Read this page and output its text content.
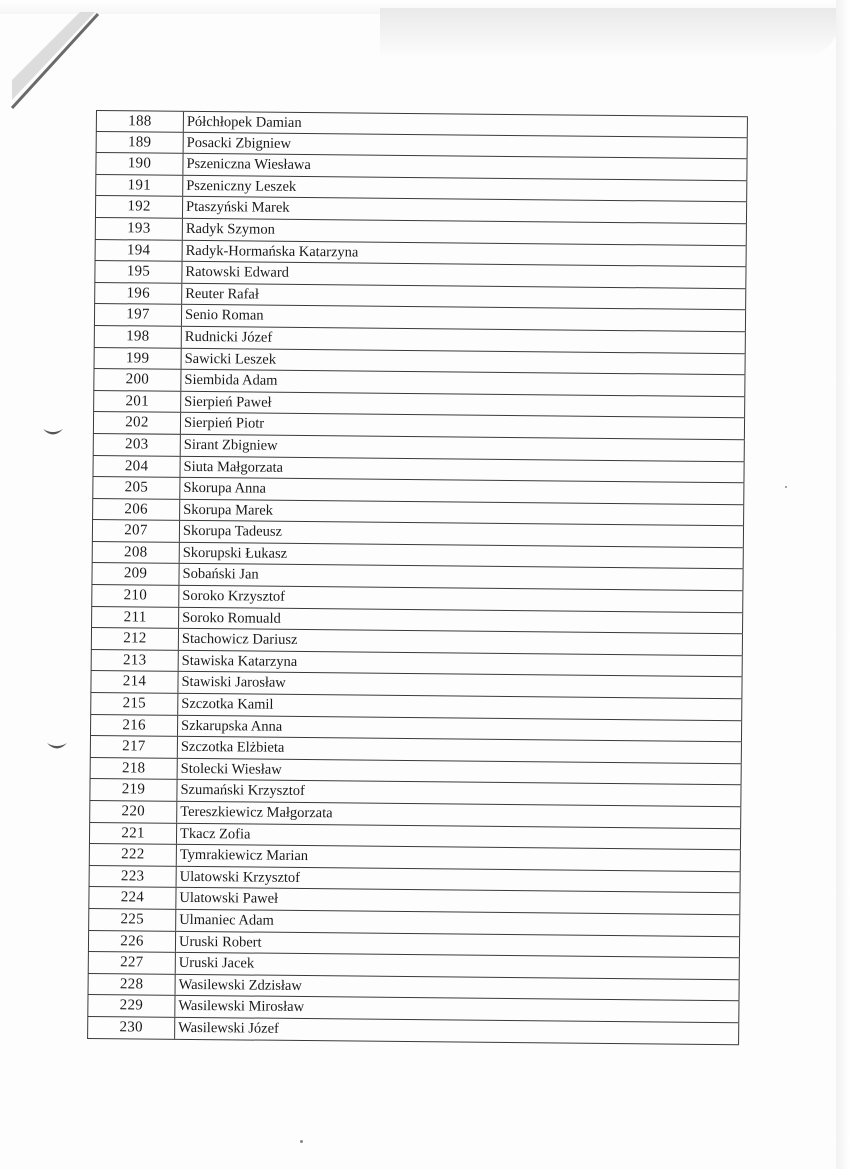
188	Półchłopek Damian
189	Posacki Zbigniew
190	Pszeniczna Wiesława
191	Pszeniczny Leszek
192	Ptaszyński Marek
193	Radyk Szymon
194	Radyk-Hormańska Katarzyna
195	Ratowski Edward
196	Reuter Rafał
197	Senio Roman
198	Rudnicki Józef
199	Sawicki Leszek
200	Siembida Adam
201	Sierpień Paweł
202	Sierpień Piotr
203	Sirant Zbigniew
204	Siuta Małgorzata
205	Skorupa Anna
206	Skorupa Marek
207	Skorupa Tadeusz
208	Skorupski Łukasz
209	Sobański Jan
210	Soroko Krzysztof
211	Soroko Romuald
212	Stachowicz Dariusz
213	Stawiska Katarzyna
214	Stawiski Jarosław
215	Szczotka Kamil
216	Szkarupska Anna
217	Szczotka Elżbieta
218	Stolecki Wiesław
219	Szumański Krzysztof
220	Tereszkiewicz Małgorzata
221	Tkacz Zofia
222	Tymrakiewicz Marian
223	Ulatowski Krzysztof
224	Ulatowski Paweł
225	Ulmaniec Adam
226	Uruski Robert
227	Uruski Jacek
228	Wasilewski Zdzisław
229	Wasilewski Mirosław
230	Wasilewski Józef
